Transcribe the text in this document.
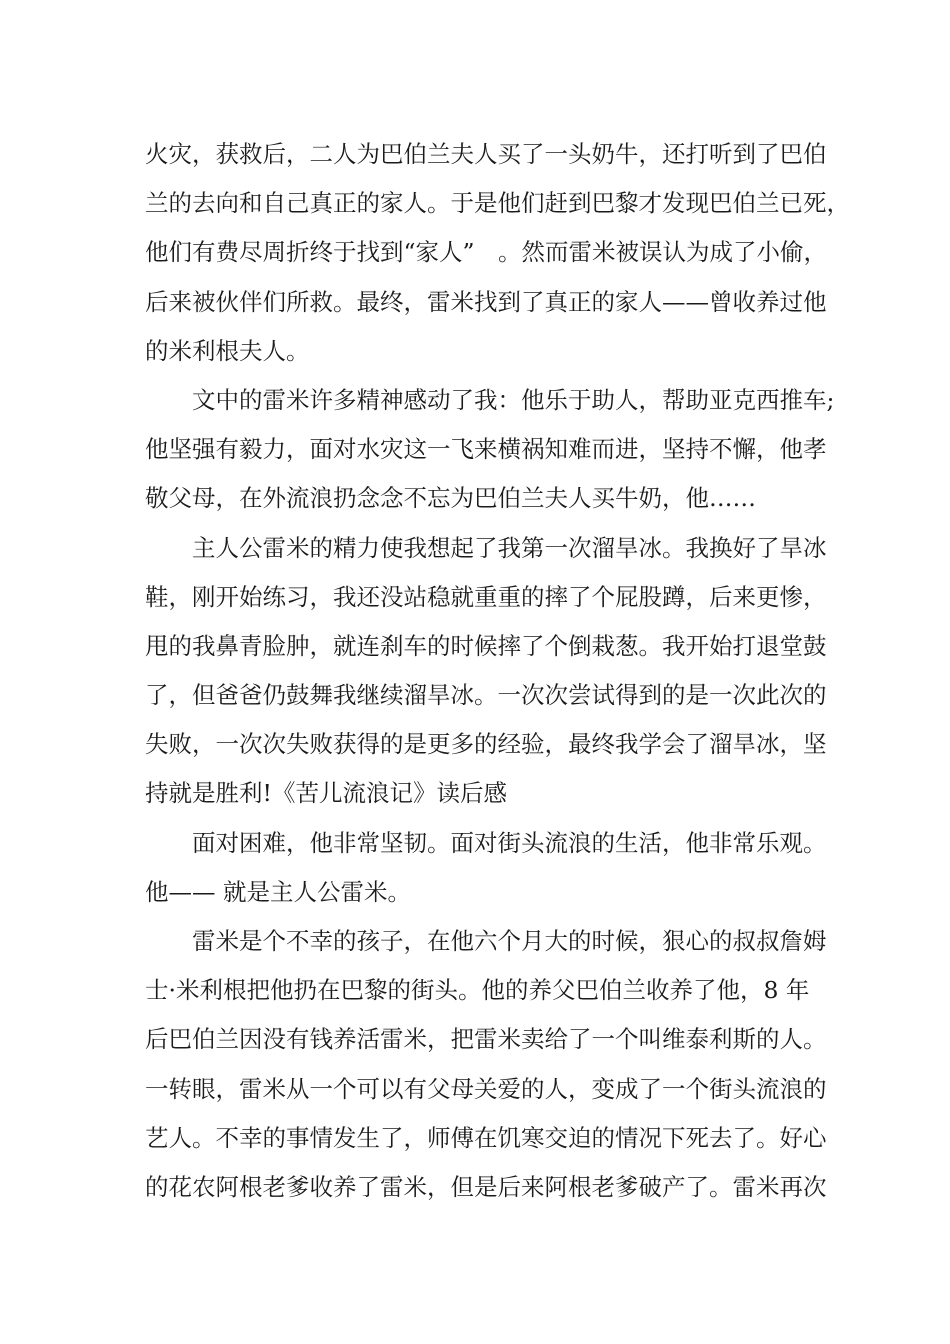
火灾，获救后，二人为巴伯兰夫人买了一头奶牛，还打听到了巴伯
兰的去向和自己真正的家人。于是他们赶到巴黎才发现巴伯兰已死，
他们有费尽周折终于找到“家人”　。然而雷米被误认为成了小偷，
后来被伙伴们所救。最终，雷米找到了真正的家人——曾收养过他
的米利根夫人。
文中的雷米许多精神感动了我：他乐于助人，帮助亚克西推车;
他坚强有毅力，面对水灾这一飞来横祸知难而进，坚持不懈，他孝
敬父母，在外流浪扔念念不忘为巴伯兰夫人买牛奶，他……
主人公雷米的精力使我想起了我第一次溜旱冰。我换好了旱冰
鞋，刚开始练习，我还没站稳就重重的摔了个屁股蹲，后来更惨，
甩的我鼻青脸肿，就连刹车的时候摔了个倒栽葱。我开始打退堂鼓
了，但爸爸仍鼓舞我继续溜旱冰。一次次尝试得到的是一次此次的
失败，一次次失败获得的是更多的经验，最终我学会了溜旱冰，坚
持就是胜利!《苦儿流浪记》读后感
面对困难，他非常坚韧。面对街头流浪的生活，他非常乐观。
他—— 就是主人公雷米。
雷米是个不幸的孩子，在他六个月大的时候，狠心的叔叔詹姆
士·米利根把他扔在巴黎的街头。他的养父巴伯兰收养了他，8 年
后巴伯兰因没有钱养活雷米，把雷米卖给了一个叫维泰利斯的人。
一转眼，雷米从一个可以有父母关爱的人，变成了一个街头流浪的
艺人。不幸的事情发生了，师傅在饥寒交迫的情况下死去了。好心
的花农阿根老爹收养了雷米，但是后来阿根老爹破产了。雷米再次
